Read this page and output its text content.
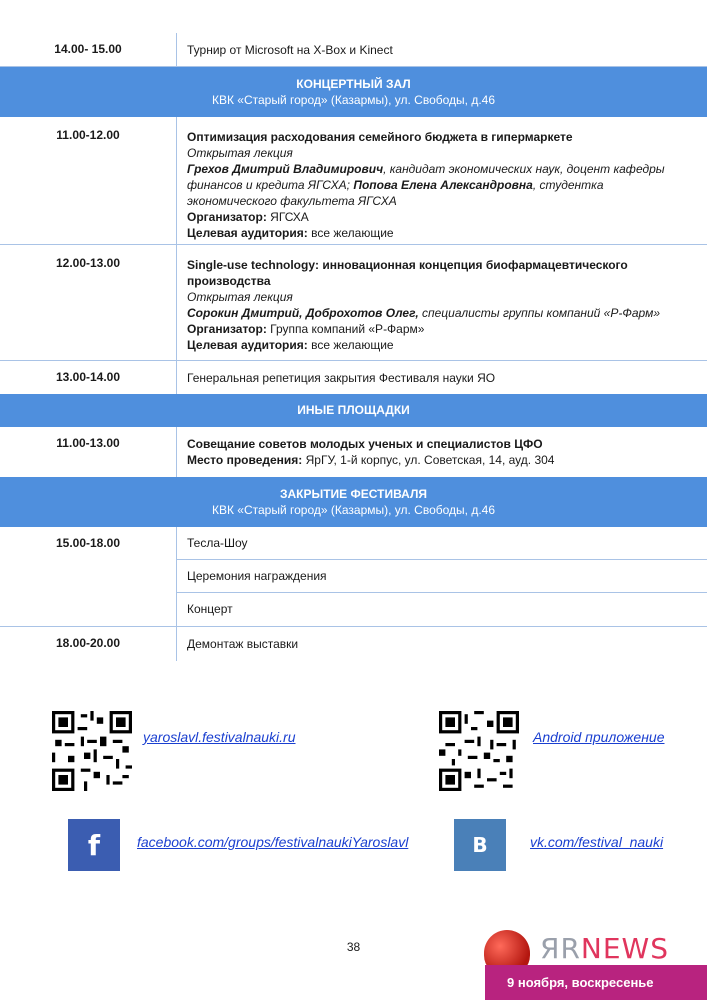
14.00- 15.00	Турнир от Microsoft на X-Box и Kinect
КОНЦЕРТНЫЙ ЗАЛ
КВК «Старый город» (Казармы), ул. Свободы, д.46
11.00-12.00	Оптимизация расходования семейного бюджета в гипермаркете
Открытая лекция
Грехов Дмитрий Владимирович, кандидат экономических наук, доцент кафедры финансов и кредита ЯГСХА; Попова Елена Александровна, студентка экономического факультета ЯГСХА
Организатор: ЯГСХА
Целевая аудитория: все желающие
12.00-13.00	Single-use technology: инновационная концепция биофармацевтического производства
Открытая лекция
Сорокин Дмитрий, Доброхотов Олег, специалисты группы компаний «Р-Фарм»
Организатор: Группа компаний «Р-Фарм»
Целевая аудитория: все желающие
13.00-14.00	Генеральная репетиция закрытия Фестиваля науки ЯО
ИНЫЕ ПЛОЩАДКИ
11.00-13.00	Совещание советов молодых ученых и специалистов ЦФО
Место проведения: ЯрГУ, 1-й корпус, ул. Советская, 14, ауд. 304
ЗАКРЫТИЕ ФЕСТИВАЛЯ
КВК «Старый город» (Казармы), ул. Свободы, д.46
15.00-18.00	Тесла-Шоу
Церемония награждения
Концерт
18.00-20.00	Демонтаж выставки
yaroslavl.festivalnauki.ru	Android приложение
f	facebook.com/groups/festivalnaukiYaroslavl	B	vk.com/festival_nauki
38	ЯRNEWS
9 ноября, воскресенье
